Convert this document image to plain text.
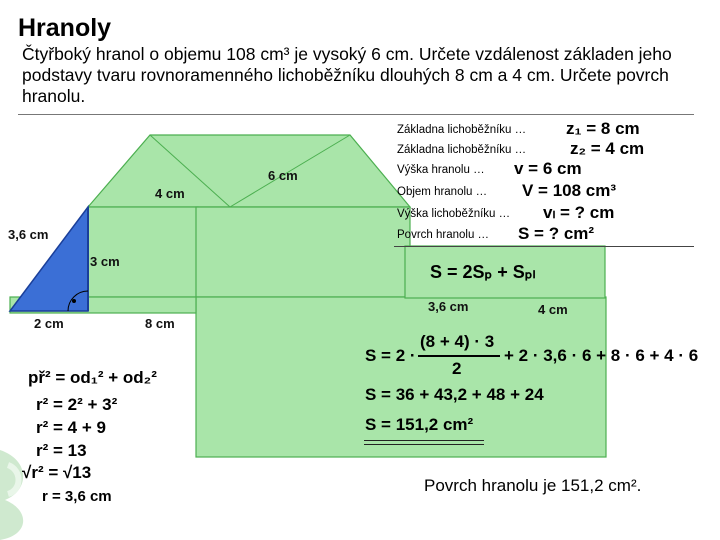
Hranoly
Čtyřboký hranol o objemu 108 cm³ je vysoký 6 cm. Určete vzdálenost základen jeho podstavy tvaru rovnoramenného lichoběžníku dlouhých 8 cm a 4 cm. Určete povrch hranolu.
4 cm
6 cm
3,6 cm
3 cm
2 cm	8 cm
Základna lichoběžníku … z₁ = 8 cm
Základna lichoběžníku …	z₂ = 4 cm
Výška hranolu … v = 6 cm
Objem hranolu … V = 108 cm³
Výška lichoběžníku … vₗ = ? cm
Povrch hranolu … S = ? cm²
S = 2Sₚ + Sₚₗ
3,6 cm	4 cm
S = 2 ·
(8 + 4) · 3
2
+ 2 · 3,6 · 6 + 8 · 6 + 4 · 6
S = 36 + 43,2 + 48 + 24
S = 151,2 cm²
př² = od₁² + od₂²
r² = 2² + 3²
r² = 4 + 9
r² = 13
√r² = √13
r = 3,6 cm
Povrch hranolu je 151,2 cm².
